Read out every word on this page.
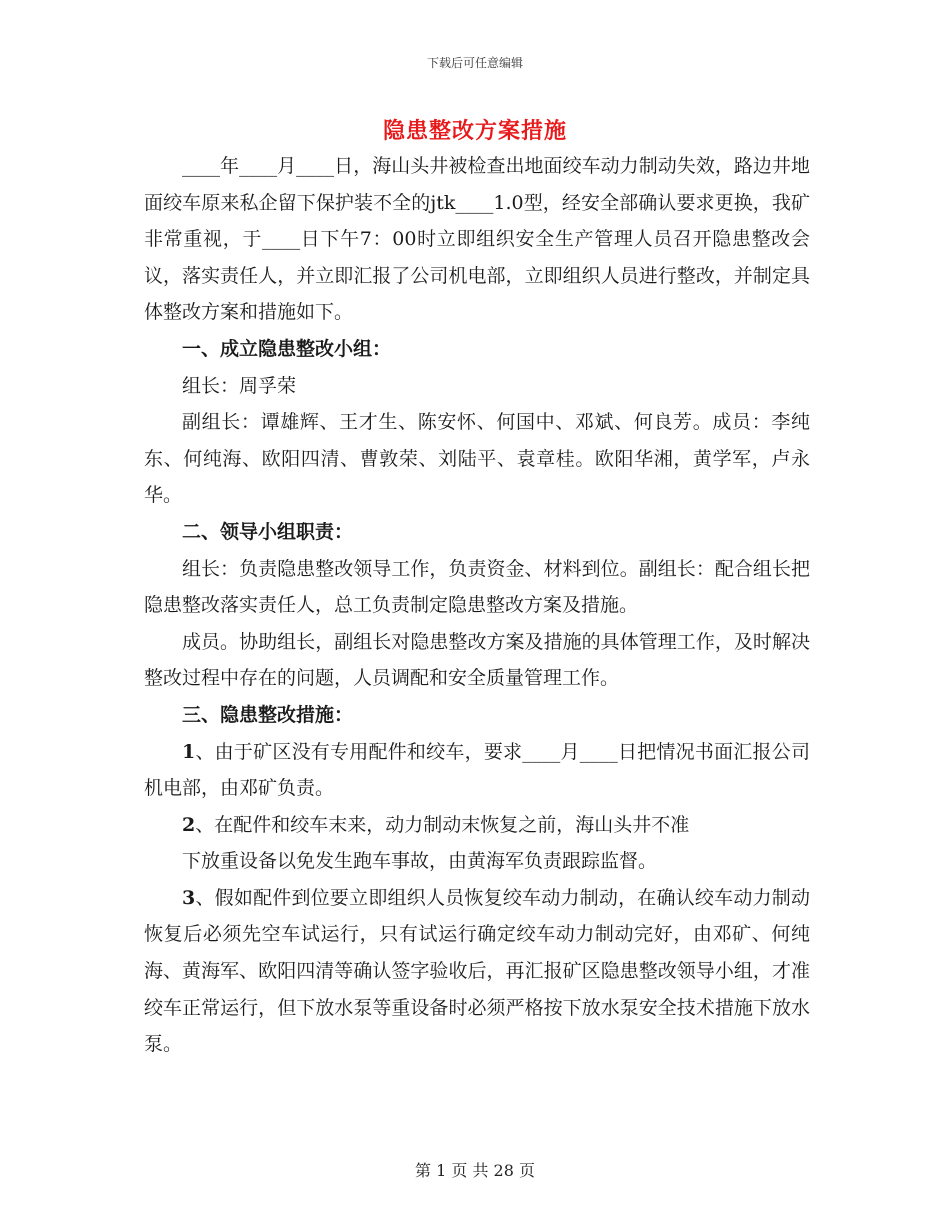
下载后可任意编辑
隐患整改方案措施

____年____月____日，海山头井被检查出地面绞车动力制动失效，路边井地面绞车原来私企留下保护装不全的jtk____1.0型，经安全部确认要求更换，我矿非常重视，于____日下午7：00时立即组织安全生产管理人员召开隐患整改会议，落实责任人，并立即汇报了公司机电部，立即组织人员进行整改，并制定具体整改方案和措施如下。

一、成立隐患整改小组：

组长：周孚荣

副组长：谭雄辉、王才生、陈安怀、何国中、邓斌、何良芳。成员：李纯东、何纯海、欧阳四清、曹敦荣、刘陆平、袁章桂。欧阳华湘，黄学军，卢永华。

二、领导小组职责：

组长：负责隐患整改领导工作，负责资金、材料到位。副组长：配合组长把隐患整改落实责任人，总工负责制定隐患整改方案及措施。

成员。协助组长，副组长对隐患整改方案及措施的具体管理工作，及时解决整改过程中存在的问题，人员调配和安全质量管理工作。

三、隐患整改措施：

1、由于矿区没有专用配件和绞车，要求____月____日把情况书面汇报公司机电部，由邓矿负责。

2、在配件和绞车末来，动力制动末恢复之前，海山头井不准

下放重设备以免发生跑车事故，由黄海军负责跟踪监督。

3、假如配件到位要立即组织人员恢复绞车动力制动，在确认绞车动力制动恢复后必须先空车试运行，只有试运行确定绞车动力制动完好，由邓矿、何纯海、黄海军、欧阳四清等确认签字验收后，再汇报矿区隐患整改领导小组，才准绞车正常运行，但下放水泵等重设备时必须严格按下放水泵安全技术措施下放水泵。

第 1 页 共 28 页
